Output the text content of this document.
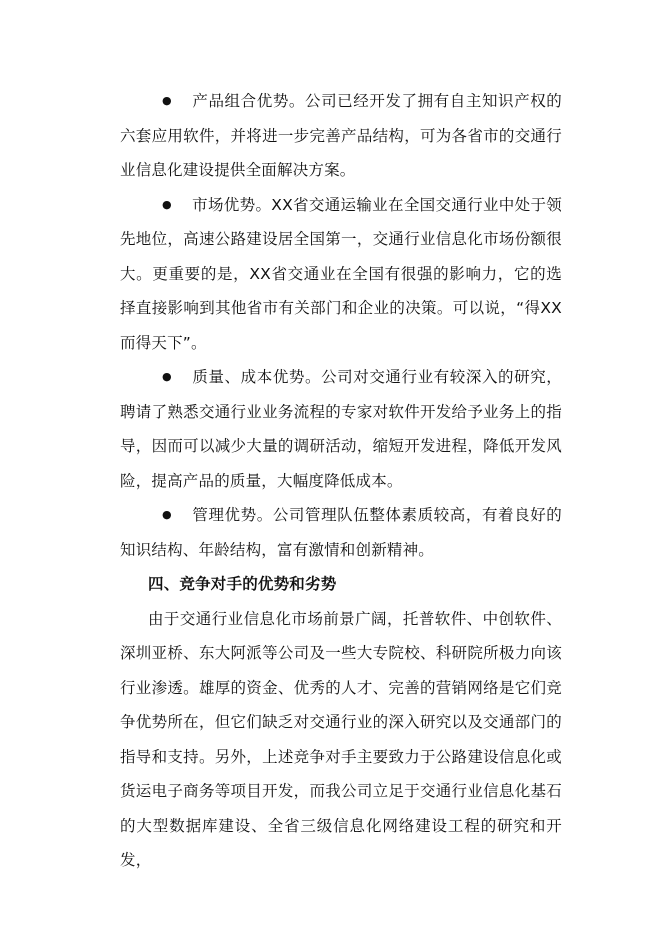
● 产品组合优势。公司已经开发了拥有自主知识产权的六套应用软件，并将进一步完善产品结构，可为各省市的交通行业信息化建设提供全面解决方案。

● 市场优势。XX省交通运输业在全国交通行业中处于领先地位，高速公路建设居全国第一，交通行业信息化市场份额很大。更重要的是，XX省交通业在全国有很强的影响力，它的选择直接影响到其他省市有关部门和企业的决策。可以说，“得XX而得天下”。

● 质量、成本优势。公司对交通行业有较深入的研究，聘请了熟悉交通行业业务流程的专家对软件开发给予业务上的指导，因而可以减少大量的调研活动，缩短开发进程，降低开发风险，提高产品的质量，大幅度降低成本。

● 管理优势。公司管理队伍整体素质较高，有着良好的知识结构、年龄结构，富有激情和创新精神。

四、竞争对手的优势和劣势

由于交通行业信息化市场前景广阔，托普软件、中创软件、深圳亚桥、东大阿派等公司及一些大专院校、科研院所极力向该行业渗透。雄厚的资金、优秀的人才、完善的营销网络是它们竞争优势所在，但它们缺乏对交通行业的深入研究以及交通部门的指导和支持。另外，上述竞争对手主要致力于公路建设信息化或货运电子商务等项目开发，而我公司立足于交通行业信息化基石的大型数据库建设、全省三级信息化网络建设工程的研究和开发，
